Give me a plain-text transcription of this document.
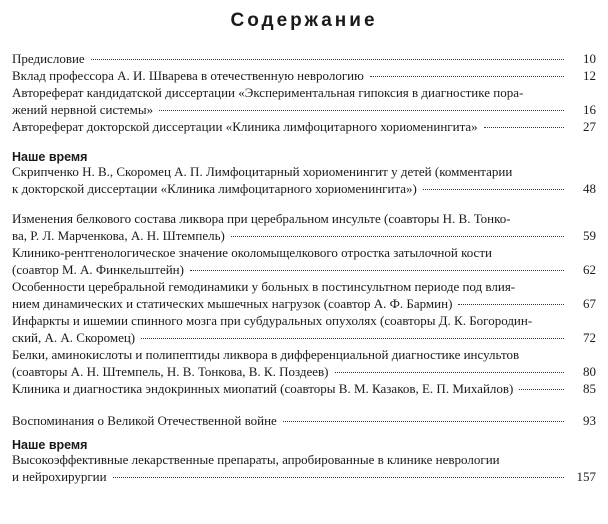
Содержание
Предисловие	10
Вклад профессора А. И. Шварева в отечественную неврологию	12
Автореферат кандидатской диссертации «Экспериментальная гипоксия в диагностике пора-
жений нервной системы»	16
Автореферат докторской диссертации «Клиника лимфоцитарного хориоменингита»	27
Наше время
Скрипченко Н. В., Скоромец А. П. Лимфоцитарный хориоменингит у детей (комментарии
к докторской диссертации «Клиника лимфоцитарного хориоменингита»)	48
Изменения белкового состава ликвора при церебральном инсульте (соавторы Н. В. Тонко-
ва, Р. Л. Марченкова, А. Н. Штемпель)	59
Клинико-рентгенологическое значение околомыщелкового отростка затылочной кости
(соавтор М. А. Финкельштейн)	62
Особенности церебральной гемодинамики у больных в постинсультном периоде под влия-
нием динамических и статических мышечных нагрузок (соавтор А. Ф. Бармин)	67
Инфаркты и ишемии спинного мозга при субдуральных опухолях (соавторы Д. К. Богородин-
ский, А. А. Скоромец)	72
Белки, аминокислоты и полипептиды ликвора в дифференциальной диагностике инсультов
(соавторы А. Н. Штемпель, Н. В. Тонкова, В. К. Поздеев)	80
Клиника и диагностика эндокринных миопатий (соавторы В. М. Казаков, Е. П. Михайлов)	85
Воспоминания о Великой Отечественной войне	93
Наше время
Высокоэффективные лекарственные препараты, апробированные в клинике неврологии
и нейрохирургии	157
